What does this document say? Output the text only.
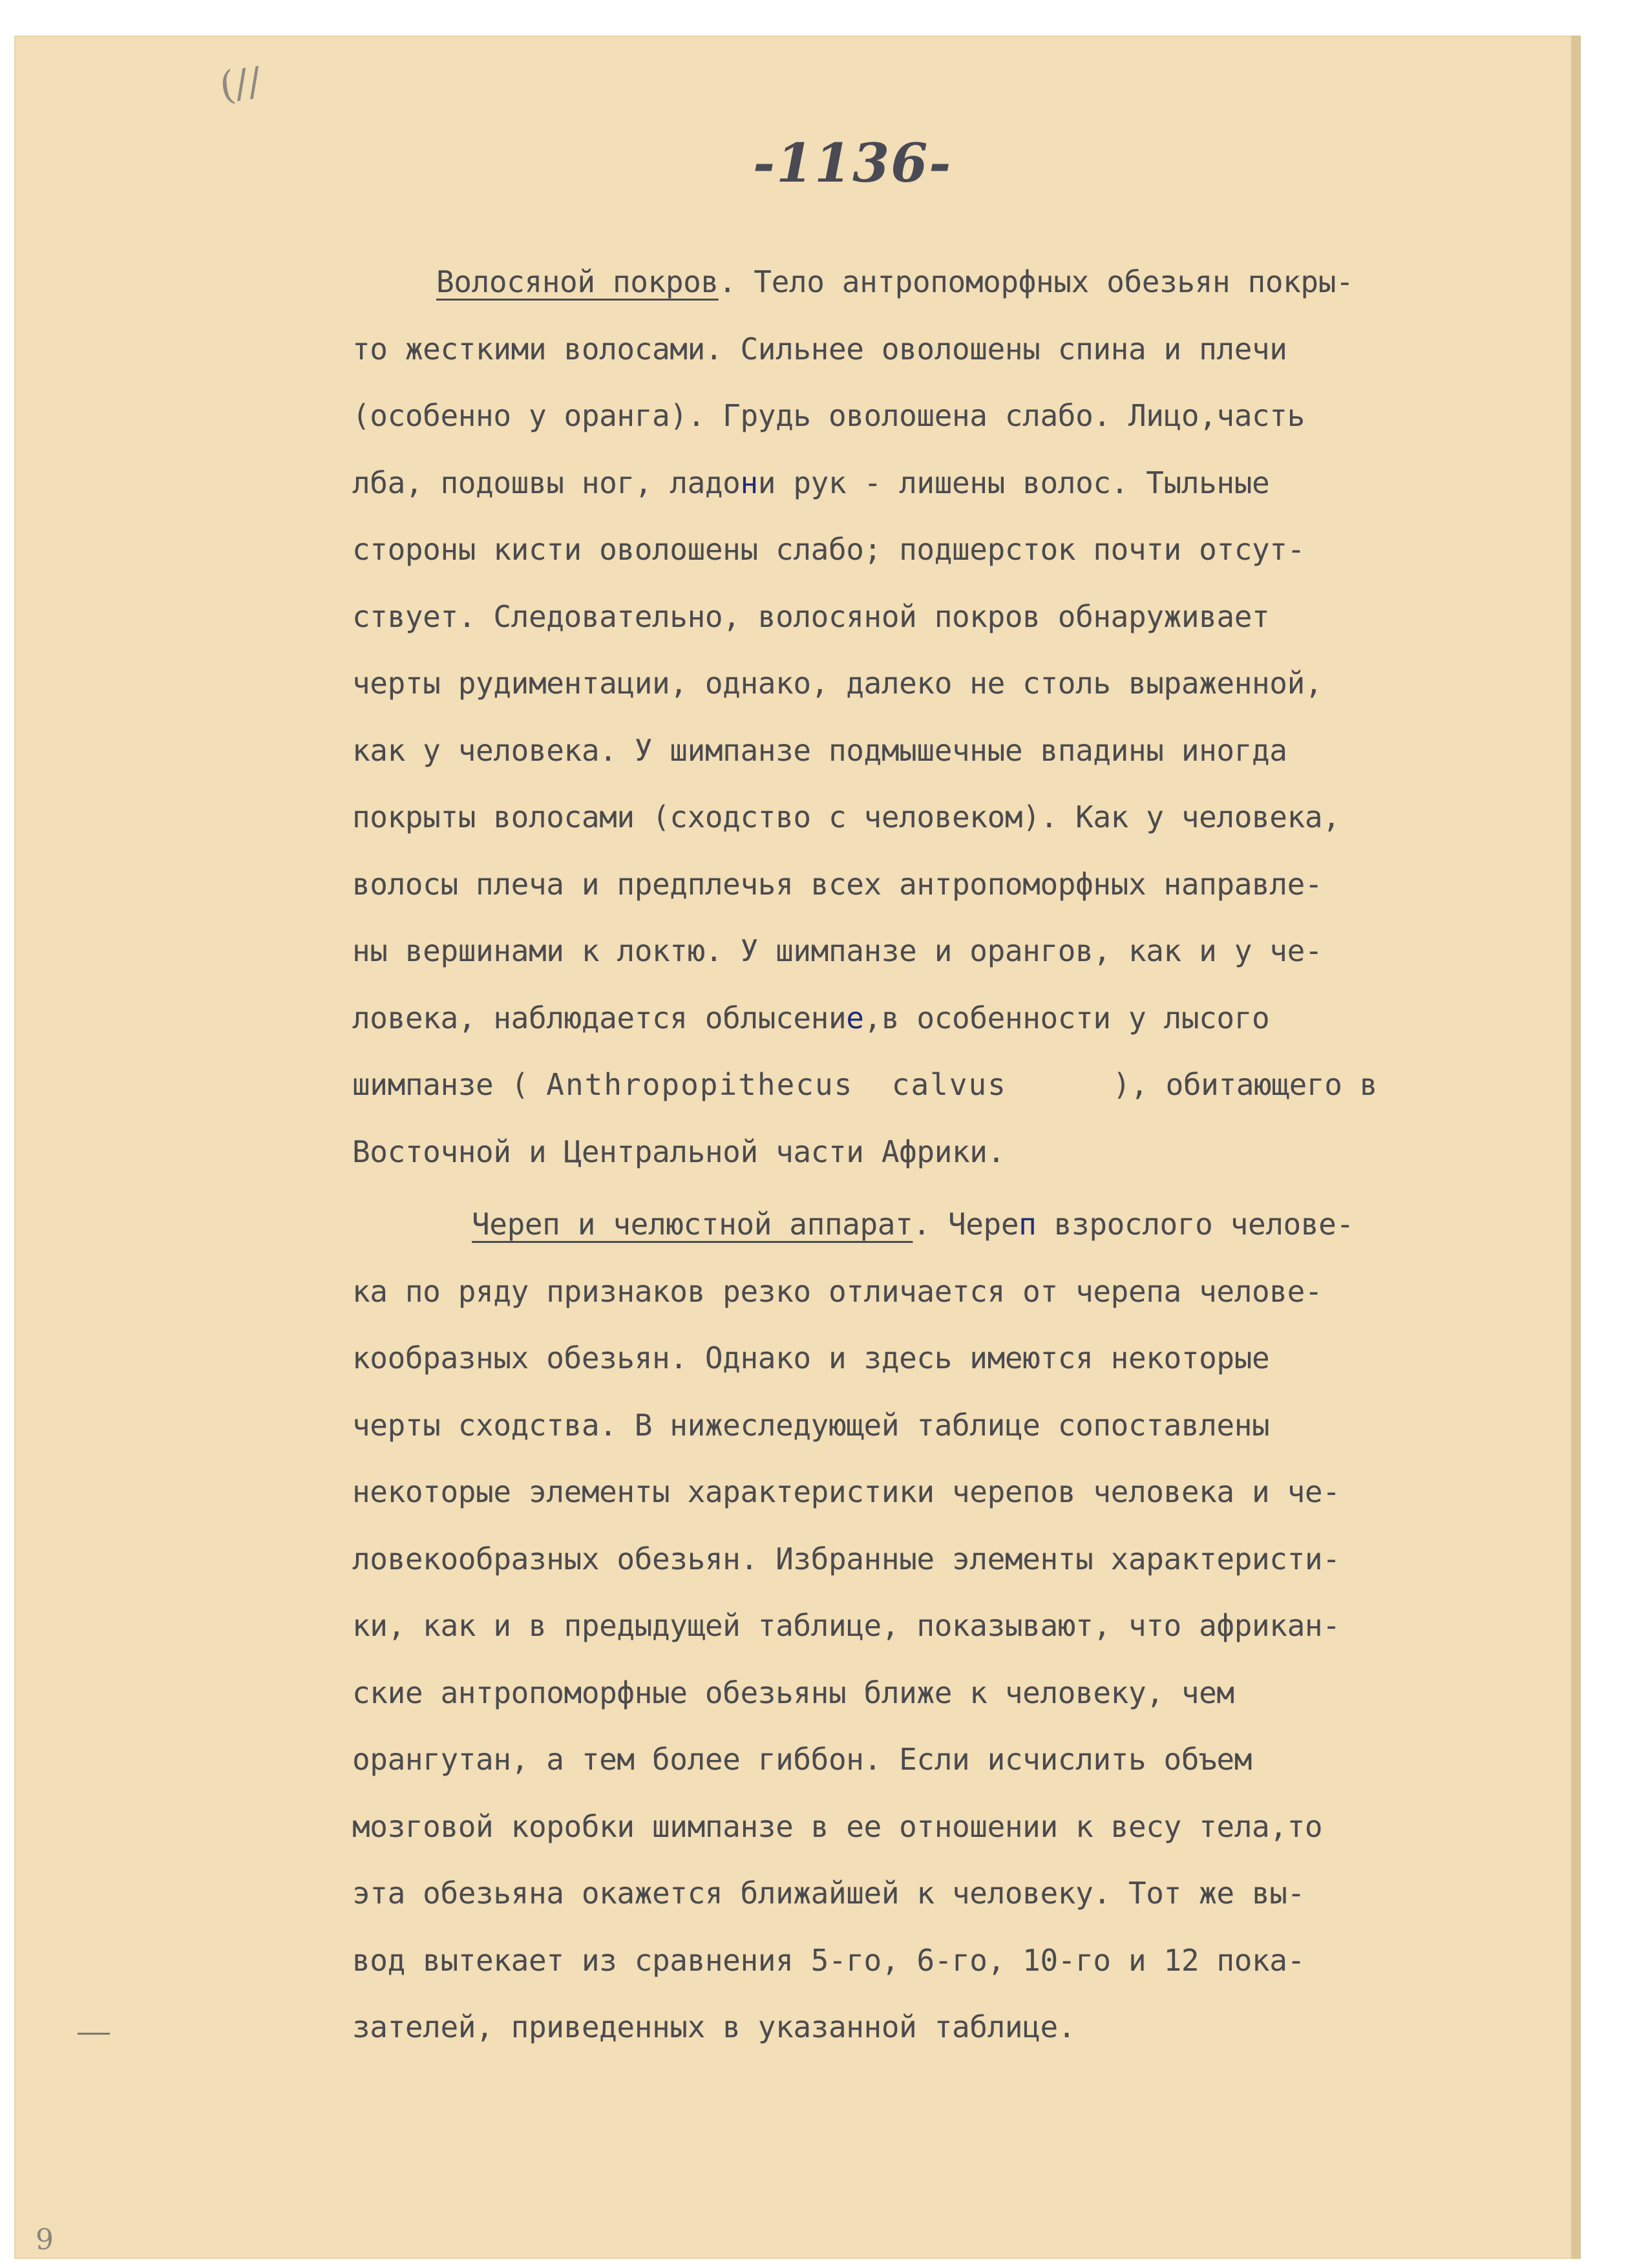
(//
-1136-
Волосяной покров. Тело антропоморфных обезьян покры-
то жесткими волосами. Сильнее оволошены спина и плечи
(особенно у оранга). Грудь оволошена слабо. Лицо,часть
лба, подошвы ног, ладони рук - лишены волос. Тыльные
стороны кисти оволошены слабо; подшерсток почти отсут-
ствует. Следовательно, волосяной покров обнаруживает
черты рудиментации, однако, далеко не столь выраженной,
как у человека. У шимпанзе подмышечные впадины иногда
покрыты волосами (сходство с человеком). Как у человека,
волосы плеча и предплечья всех антропоморфных направле-
ны вершинами к локтю. У шимпанзе и орангов, как и у че-
ловека, наблюдается облысение,в особенности у лысого
шимпанзе ( Anthropopithecus  calvus      ), обитающего в
Восточной и Центральной части Африки.
Череп и челюстной аппарат. Череп взрослого челове-
ка по ряду признаков резко отличается от черепа челове-
кообразных обезьян. Однако и здесь имеются некоторые
черты сходства. В нижеследующей таблице сопоставлены
некоторые элементы характеристики черепов человека и че-
ловекообразных обезьян. Избранные элементы характеристи-
ки, как и в предыдущей таблице, показывают, что африкан-
ские антропоморфные обезьяны ближе к человеку, чем
орангутан, а тем более гиббон. Если исчислить объем
мозговой коробки шимпанзе в ее отношении к весу тела,то
эта обезьяна окажется ближайшей к человеку. Тот же вы-
вод вытекает из сравнения 5-го, 6-го, 10-го и 12 пока-
зателей, приведенных в указанной таблице.
9
